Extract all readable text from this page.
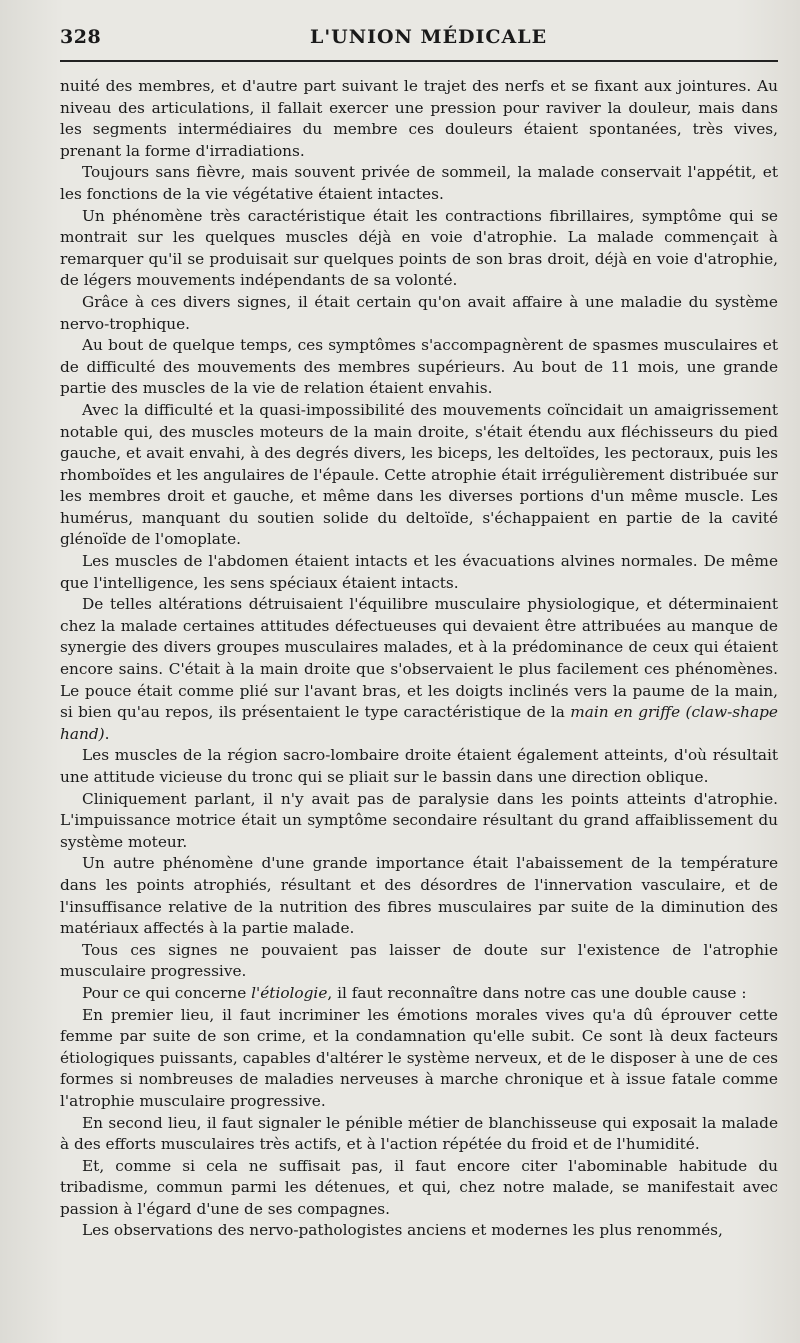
328	L'UNION MÉDICALE

nuité des membres, et d'autre part suivant le trajet des nerfs et se fixant aux jointures. Au niveau des articulations, il fallait exercer une pression pour raviver la douleur, mais dans les segments intermédiaires du membre ces douleurs étaient spontanées, très vives, prenant la forme d'irradiations.

Toujours sans fièvre, mais souvent privée de sommeil, la malade conservait l'appétit, et les fonctions de la vie végétative étaient intactes.

Un phénomène très caractéristique était les contractions fibrillaires, symptôme qui se montrait sur les quelques muscles déjà en voie d'atrophie. La malade commençait à remarquer qu'il se produisait sur quelques points de son bras droit, déjà en voie d'atrophie, de légers mouvements indépendants de sa volonté.

Grâce à ces divers signes, il était certain qu'on avait affaire à une maladie du système nervo-trophique.

Au bout de quelque temps, ces symptômes s'accompagnèrent de spasmes musculaires et de difficulté des mouvements des membres supérieurs. Au bout de 11 mois, une grande partie des muscles de la vie de relation étaient envahis.

Avec la difficulté et la quasi-impossibilité des mouvements coïncidait un amaigrissement notable qui, des muscles moteurs de la main droite, s'était étendu aux fléchisseurs du pied gauche, et avait envahi, à des degrés divers, les biceps, les deltoïdes, les pectoraux, puis les rhomboïdes et les angulaires de l'épaule. Cette atrophie était irrégulièrement distribuée sur les membres droit et gauche, et même dans les diverses portions d'un même muscle. Les humérus, manquant du soutien solide du deltoïde, s'échappaient en partie de la cavité glénoïde de l'omoplate.

Les muscles de l'abdomen étaient intacts et les évacuations alvines normales. De même que l'intelligence, les sens spéciaux étaient intacts.

De telles altérations détruisaient l'équilibre musculaire physiologique, et déterminaient chez la malade certaines attitudes défectueuses qui devaient être attribuées au manque de synergie des divers groupes musculaires malades, et à la prédominance de ceux qui étaient encore sains. C'était à la main droite que s'observaient le plus facilement ces phénomènes. Le pouce était comme plié sur l'avant bras, et les doigts inclinés vers la paume de la main, si bien qu'au repos, ils présentaient le type caractéristique de la main en griffe (claw-shape hand).

Les muscles de la région sacro-lombaire droite étaient également atteints, d'où résultait une attitude vicieuse du tronc qui se pliait sur le bassin dans une direction oblique.

Cliniquement parlant, il n'y avait pas de paralysie dans les points atteints d'atrophie. L'impuissance motrice était un symptôme secondaire résultant du grand affaiblissement du système moteur.

Un autre phénomène d'une grande importance était l'abaissement de la température dans les points atrophiés, résultant et des désordres de l'innervation vasculaire, et de l'insuffisance relative de la nutrition des fibres musculaires par suite de la diminution des matériaux affectés à la partie malade.

Tous ces signes ne pouvaient pas laisser de doute sur l'existence de l'atrophie musculaire progressive.

Pour ce qui concerne l'étiologie, il faut reconnaître dans notre cas une double cause :

En premier lieu, il faut incriminer les émotions morales vives qu'a dû éprouver cette femme par suite de son crime, et la condamnation qu'elle subit. Ce sont là deux facteurs étiologiques puissants, capables d'altérer le système nerveux, et de le disposer à une de ces formes si nombreuses de maladies nerveuses à marche chronique et à issue fatale comme l'atrophie musculaire progressive.

En second lieu, il faut signaler le pénible métier de blanchisseuse qui exposait la malade à des efforts musculaires très actifs, et à l'action répétée du froid et de l'humidité.

Et, comme si cela ne suffisait pas, il faut encore citer l'abominable habitude du tribadisme, commun parmi les détenues, et qui, chez notre malade, se manifestait avec passion à l'égard d'une de ses compagnes.

Les observations des nervo-pathologistes anciens et modernes les plus renommés,
